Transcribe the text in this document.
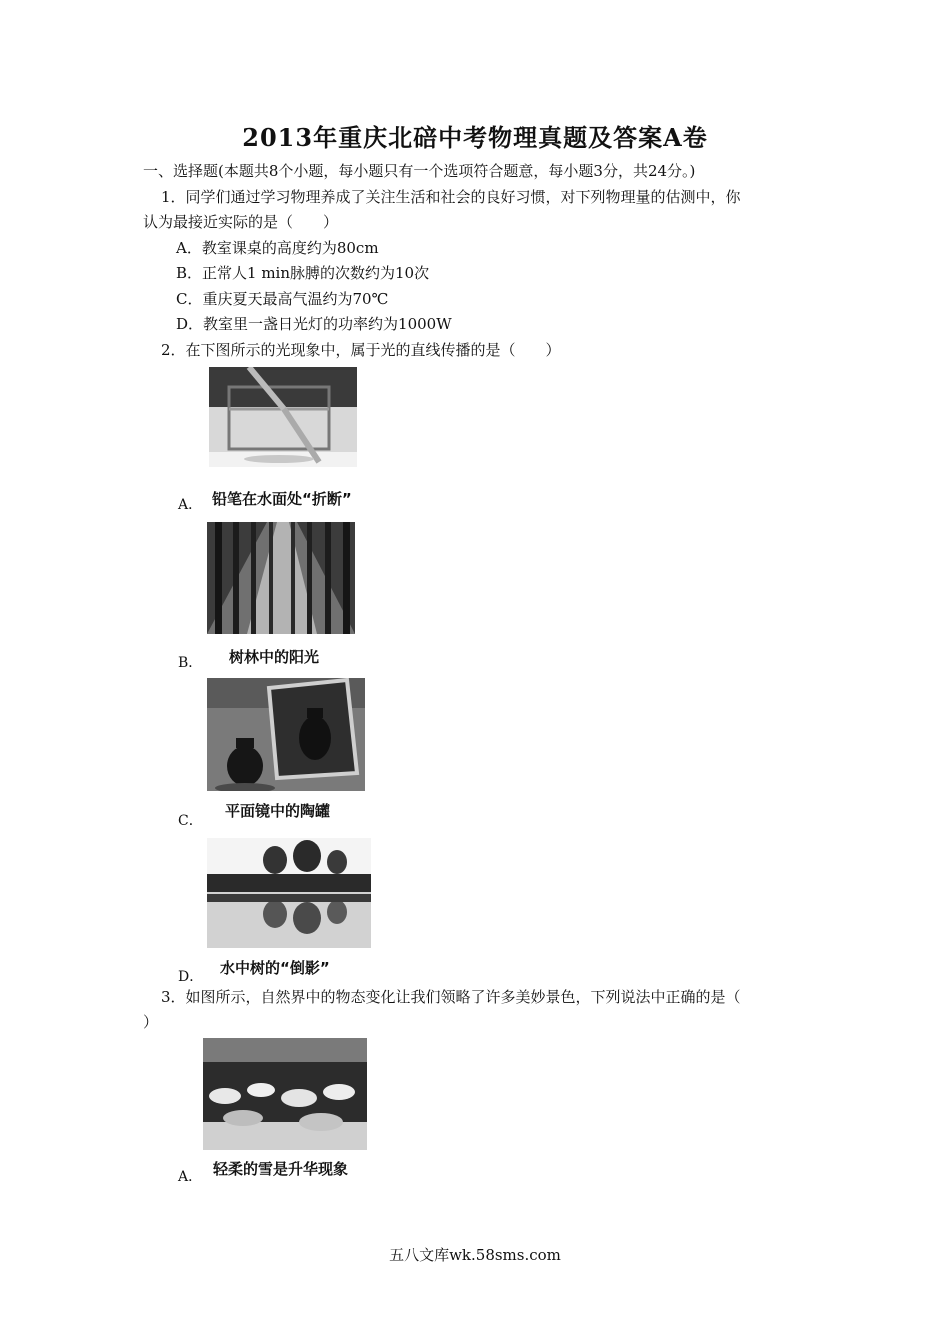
2013年重庆北碚中考物理真题及答案A卷
一、选择题(本题共8个小题，每小题只有一个选项符合题意，每小题3分，共24分。)
1．同学们通过学习物理养成了关注生活和社会的良好习惯，对下列物理量的估测中，你
认为最接近实际的是（　　）
A．教室课桌的高度约为80cm
B．正常人1 min脉膊的次数约为10次
C．重庆夏天最高气温约为70℃
D．教室里一盏日光灯的功率约为1000W
2．在下图所示的光现象中，属于光的直线传播的是（　　）
A． 铅笔在水面处“折断”
B． 树林中的阳光
C．
平面镜中的陶罐
D． 水中树的“倒影”
3．如图所示，自然界中的物态变化让我们领略了许多美妙景色，下列说法中正确的是（
）
A． 轻柔的雪是升华现象
五八文库wk.58sms.com
